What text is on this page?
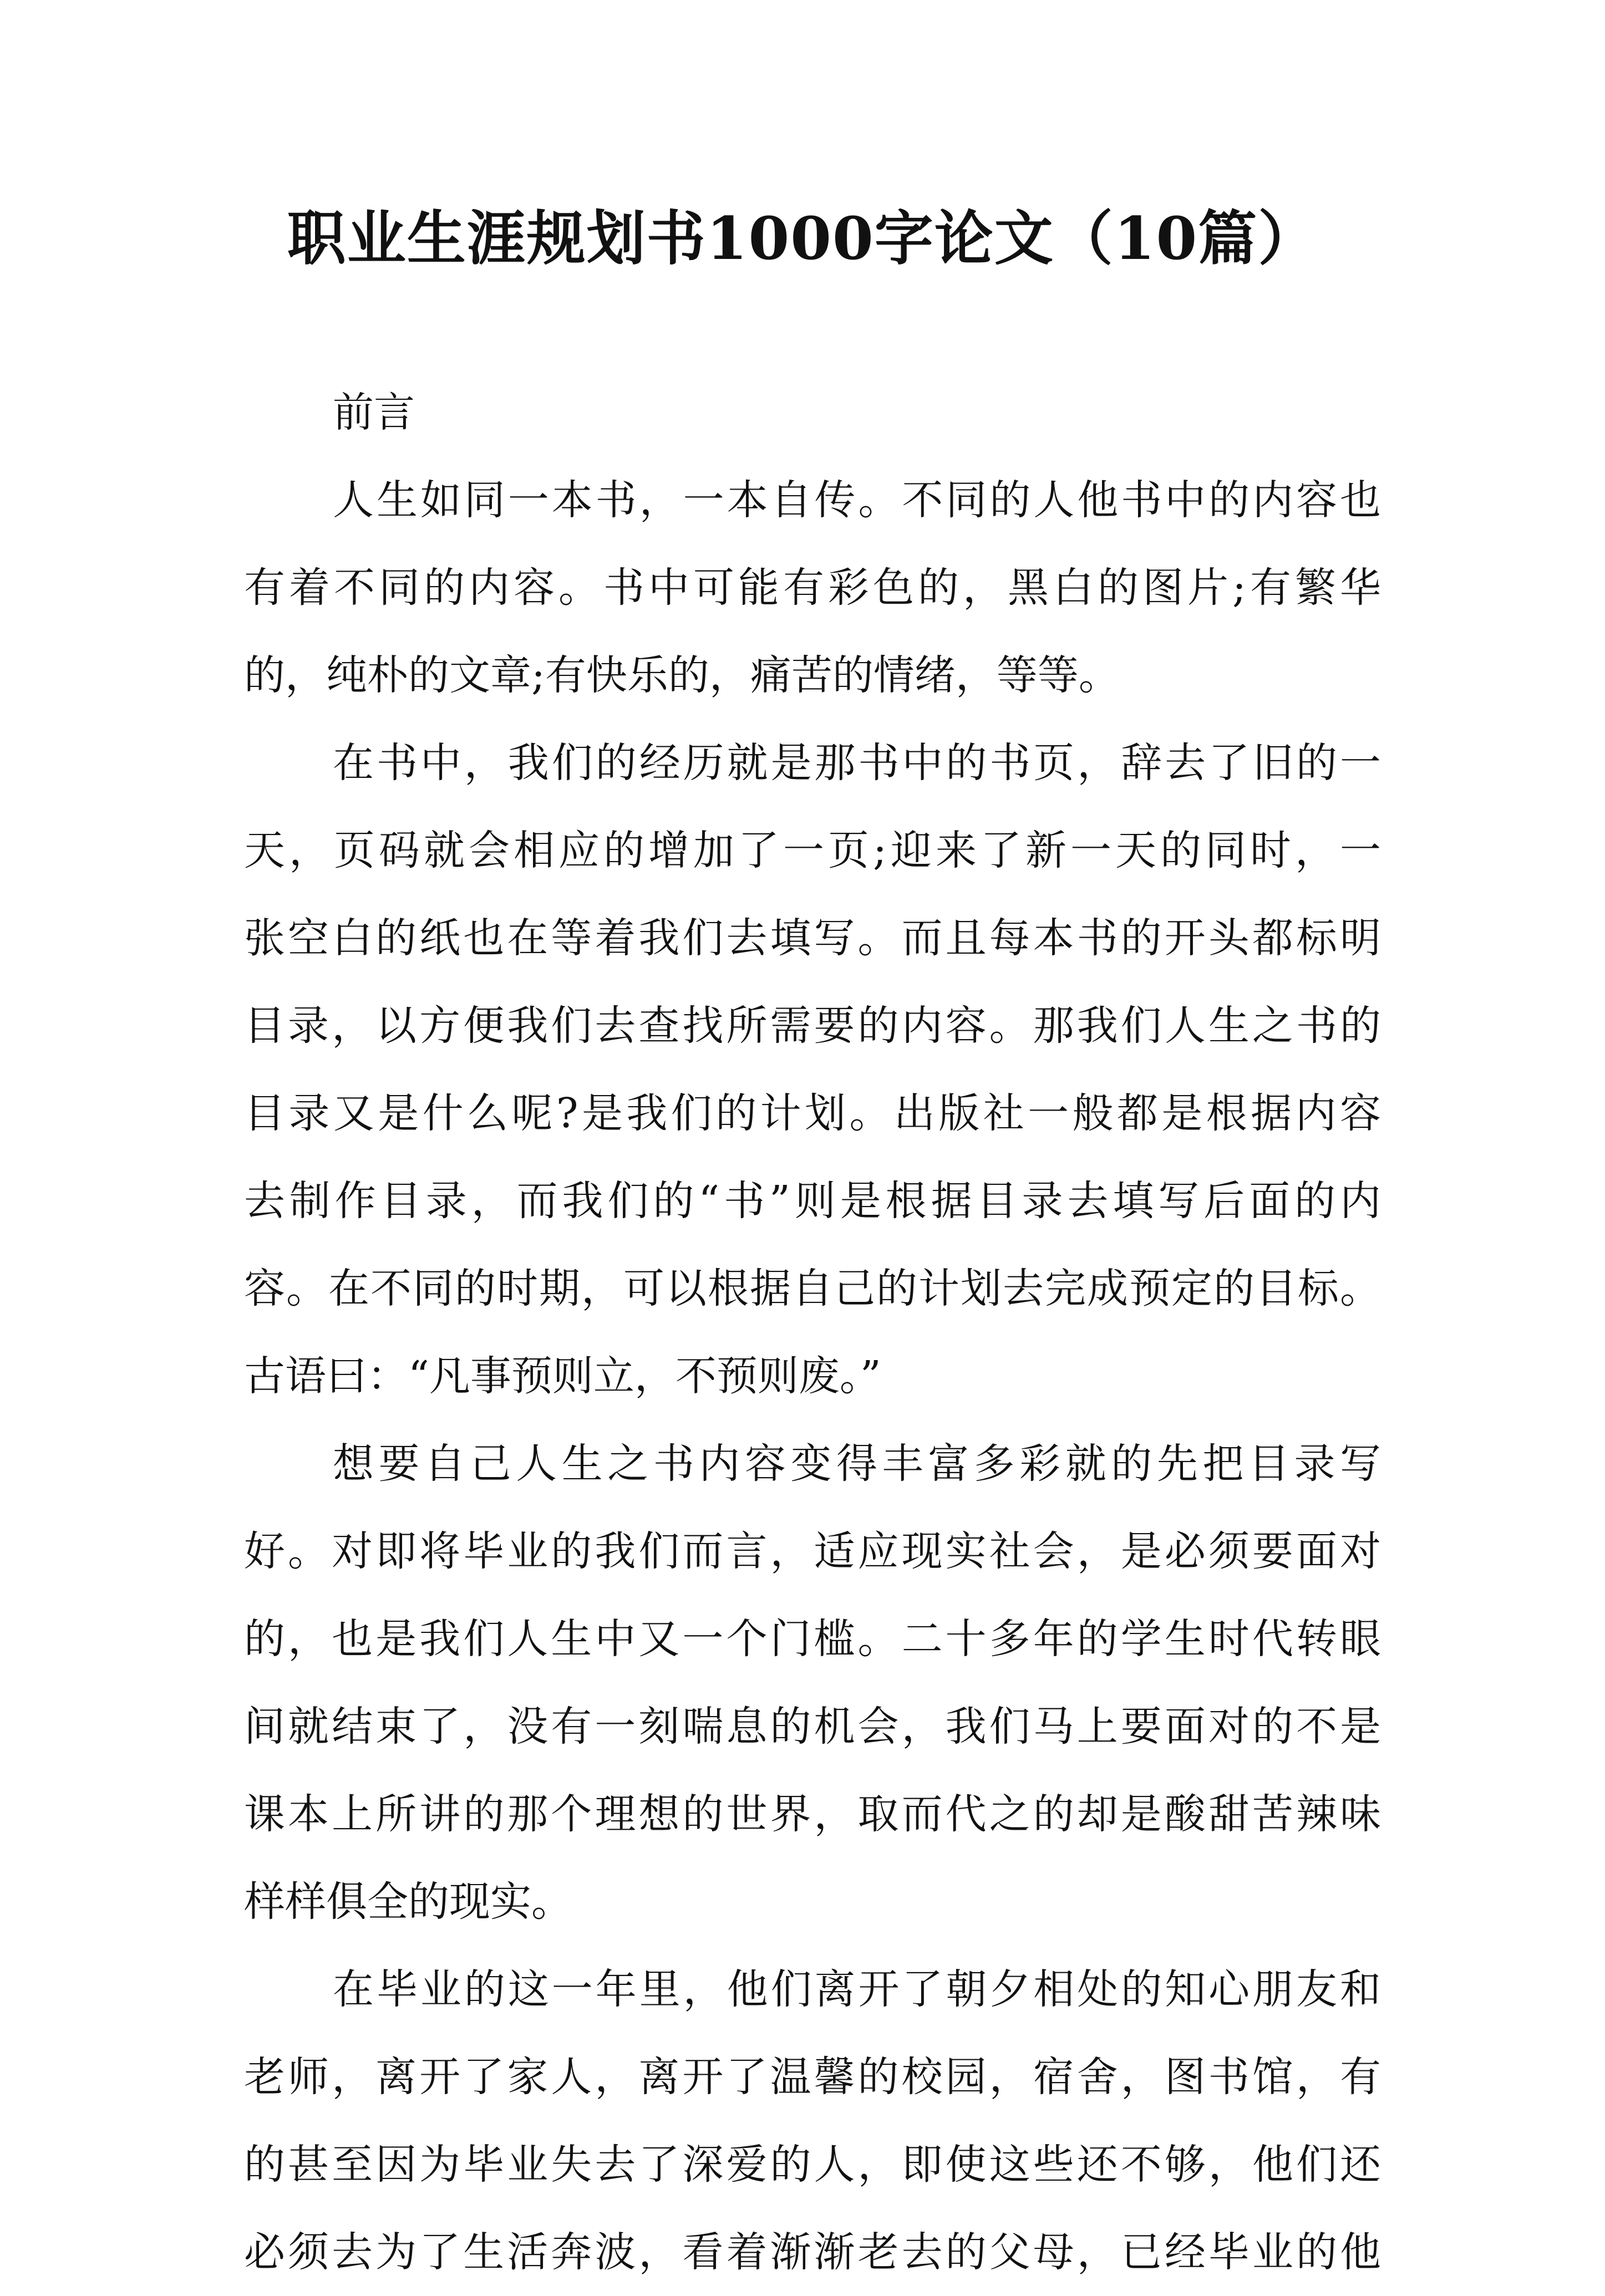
职业生涯规划书1000字论文（10篇）
前言
人生如同一本书，一本自传。不同的人他书中的内容也
有着不同的内容。书中可能有彩色的，黑白的图片;有繁华
的，纯朴的文章;有快乐的，痛苦的情绪，等等。
在书中，我们的经历就是那书中的书页，辞去了旧的一
天，页码就会相应的增加了一页;迎来了新一天的同时，一
张空白的纸也在等着我们去填写。而且每本书的开头都标明
目录，以方便我们去查找所需要的内容。那我们人生之书的
目录又是什么呢?是我们的计划。出版社一般都是根据内容
去制作目录，而我们的“书”则是根据目录去填写后面的内
容。在不同的时期，可以根据自己的计划去完成预定的目标。
古语曰：“凡事预则立，不预则废。”
想要自己人生之书内容变得丰富多彩就的先把目录写
好。对即将毕业的我们而言，适应现实社会，是必须要面对
的，也是我们人生中又一个门槛。二十多年的学生时代转眼
间就结束了，没有一刻喘息的机会，我们马上要面对的不是
课本上所讲的那个理想的世界，取而代之的却是酸甜苦辣味
样样俱全的现实。
在毕业的这一年里，他们离开了朝夕相处的知心朋友和
老师，离开了家人，离开了温馨的校园，宿舍，图书馆，有
的甚至因为毕业失去了深爱的人，即使这些还不够，他们还
必须去为了生活奔波，看着渐渐老去的父母，已经毕业的他
